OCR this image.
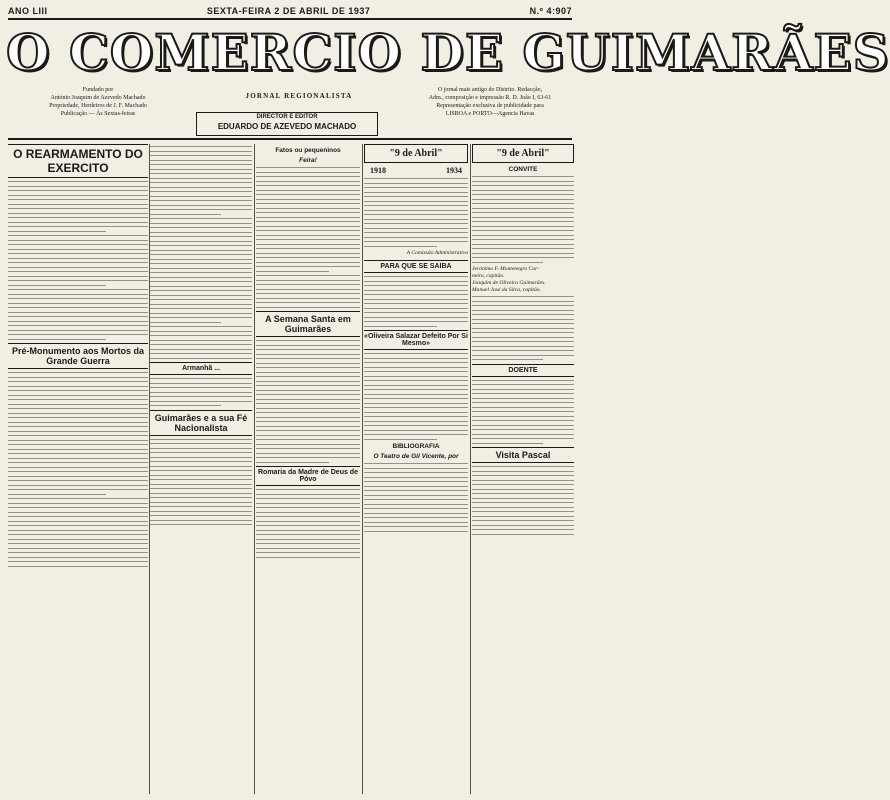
ANO LIII	SEXTA-FEIRA 2 DE ABRIL DE 1937	N.º 4:907
O COMERCIO DE GUIMARÃES
Fundado por
António Joaquim de Azevedo Machado
Propriedade, Herdeiros de J. F. Machado
Publicação — Ás Sextas-feiras
JORNAL REGIONALISTA
O jornal mais antigo do Distrito. Redacção,
Adm., composição e impressão R. D. João I, 63-61
Representação exclusiva de publicidade para
LISBOA e PORTO—Agencia Havas
DIRECTOR E EDITOR
EDUARDO DE AZEVEDO MACHADO
O REARMAMENTO DO EXERCITO
Pré-Monumento aos Mortos da Grande Guerra
Armanhã ...
Guimarães e a sua Fé Nacionalista
Fatos ou pequeninos
Feira!
A Semana Santa em Guimarães
Romaria da Madre de Deus de Póvo
"9 de Abril"
1918	1934
A Comissão Administrativa
PARA QUE SE SAIBA
«Oliveira Salazar Defeito Por Si Mesmo»
BIBLIOGRAFIA
O Teatro de Gil Vicente, por
"9 de Abril"
CONVITE
Jerónimo F. Montenegro Car-
neiro, capitão.
Joaquim de Oliveira Guimarães.
Manuel José da Silva, capitão.
DOENTE
Visita Pascal
